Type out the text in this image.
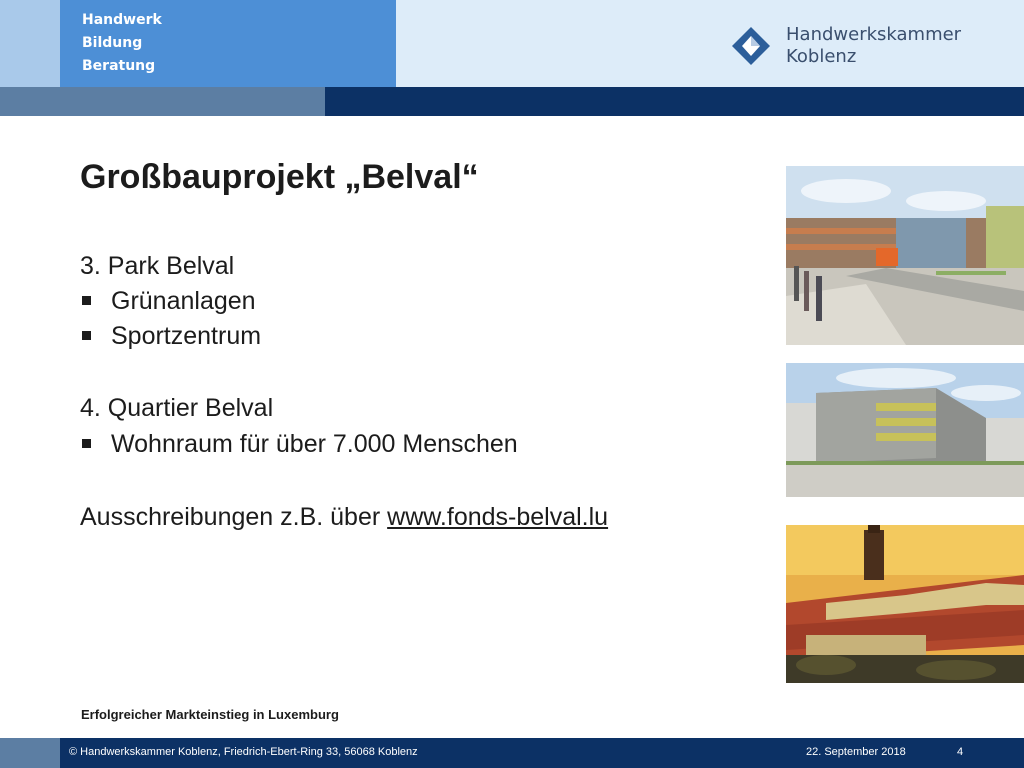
Handwerk
Bildung
Beratung
Handwerkskammer
Koblenz
Großbauprojekt „Belval“
3. Park Belval
Grünanlagen
Sportzentrum
4. Quartier Belval
Wohnraum für über 7.000 Menschen
Ausschreibungen z.B. über www.fonds-belval.lu
Erfolgreicher Markteinstieg in Luxemburg
© Handwerkskammer Koblenz, Friedrich-Ebert-Ring 33, 56068 Koblenz	22. September 2018	4
